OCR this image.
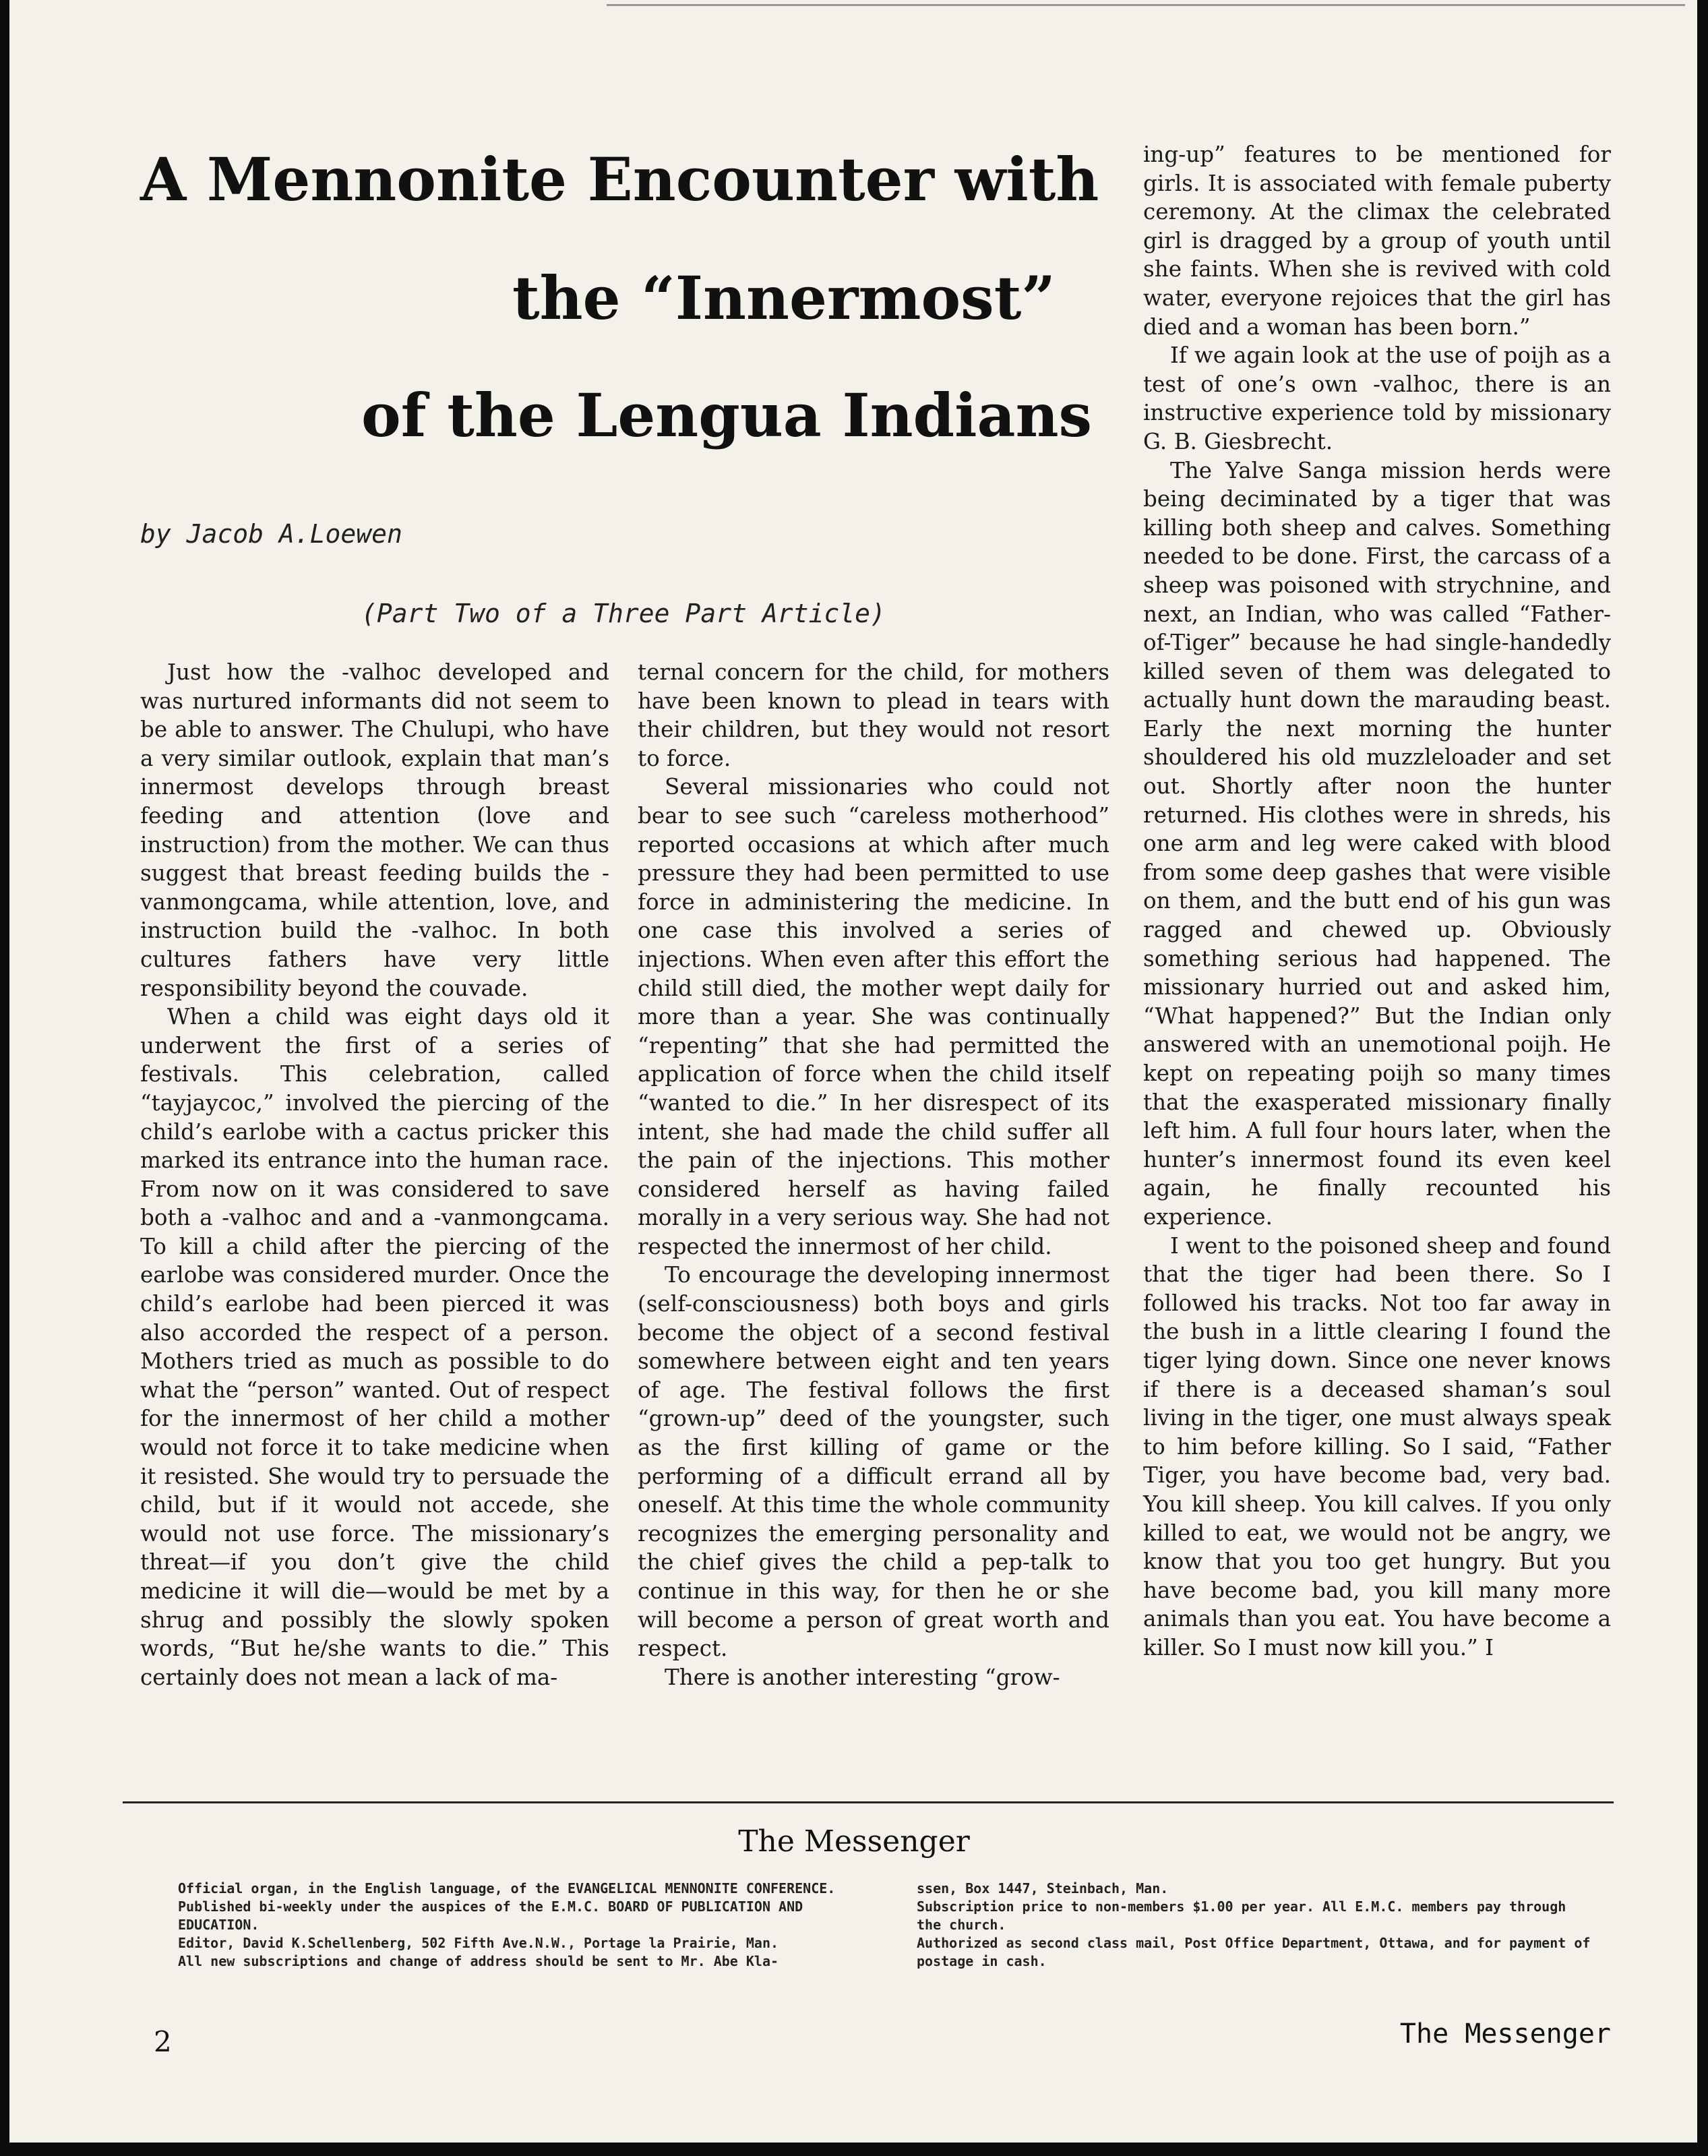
A Mennonite Encounter with
the “Innermost”
of the Lengua Indians
by Jacob A.Loewen
(Part Two of a Three Part Article)

Just how the -valhoc developed and was nurtured informants did not seem to be able to answer. The Chulupi, who have a very similar outlook, explain that man’s innermost develops through breast feeding and attention (love and instruction) from the mother. We can thus suggest that breast feeding builds the -vanmongcama, while attention, love, and instruction build the -valhoc. In both cultures fathers have very little responsibility beyond the couvade.

When a child was eight days old it underwent the first of a series of festivals. This celebration, called “tayjaycoc,” involved the piercing of the child’s earlobe with a cactus pricker this marked its entrance into the human race. From now on it was considered to save both a -valhoc and and a -vanmongcama. To kill a child after the piercing of the earlobe was considered murder. Once the child’s earlobe had been pierced it was also accorded the respect of a person. Mothers tried as much as possible to do what the “person” wanted. Out of respect for the innermost of her child a mother would not force it to take medicine when it resisted. She would try to persuade the child, but if it would not accede, she would not use force. The missionary’s threat—if you don’t give the child medicine it will die—would be met by a shrug and possibly the slowly spoken words, “But he/she wants to die.” This certainly does not mean a lack of ma-

ternal concern for the child, for mothers have been known to plead in tears with their children, but they would not resort to force.

Several missionaries who could not bear to see such “careless motherhood” reported occasions at which after much pressure they had been permitted to use force in administering the medicine. In one case this involved a series of injections. When even after this effort the child still died, the mother wept daily for more than a year. She was continually “repenting” that she had permitted the application of force when the child itself “wanted to die.” In her disrespect of its intent, she had made the child suffer all the pain of the injections. This mother considered herself as having failed morally in a very serious way. She had not respected the innermost of her child.

To encourage the developing innermost (self-consciousness) both boys and girls become the object of a second festival somewhere between eight and ten years of age. The festival follows the first “grown-up” deed of the youngster, such as the first killing of game or the performing of a difficult errand all by oneself. At this time the whole community recognizes the emerging personality and the chief gives the child a pep-talk to continue in this way, for then he or she will become a person of great worth and respect.

There is another interesting “grow-

ing-up” features to be mentioned for girls. It is associated with female puberty ceremony. At the climax the celebrated girl is dragged by a group of youth until she faints. When she is revived with cold water, everyone rejoices that the girl has died and a woman has been born.”

If we again look at the use of poijh as a test of one’s own -valhoc, there is an instructive experience told by missionary G. B. Giesbrecht.

The Yalve Sanga mission herds were being deciminated by a tiger that was killing both sheep and calves. Something needed to be done. First, the carcass of a sheep was poisoned with strychnine, and next, an Indian, who was called “Father-of-Tiger” because he had single-handedly killed seven of them was delegated to actually hunt down the marauding beast. Early the next morning the hunter shouldered his old muzzleloader and set out. Shortly after noon the hunter returned. His clothes were in shreds, his one arm and leg were caked with blood from some deep gashes that were visible on them, and the butt end of his gun was ragged and chewed up. Obviously something serious had happened. The missionary hurried out and asked him, “What happened?” But the Indian only answered with an unemotional poijh. He kept on repeating poijh so many times that the exasperated missionary finally left him. A full four hours later, when the hunter’s innermost found its even keel again, he finally recounted his experience.

I went to the poisoned sheep and found that the tiger had been there. So I followed his tracks. Not too far away in the bush in a little clearing I found the tiger lying down. Since one never knows if there is a deceased shaman’s soul living in the tiger, one must always speak to him before killing. So I said, “Father Tiger, you have become bad, very bad. You kill sheep. You kill calves. If you only killed to eat, we would not be angry, we know that you too get hungry. But you have become bad, you kill many more animals than you eat. You have become a killer. So I must now kill you.” I

The Messenger

Official organ, in the English language, of the EVANGELICAL MENNONITE CONFERENCE. Published bi-weekly under the auspices of the E.M.C. BOARD OF PUBLICATION AND EDUCATION.

Editor, David K.Schellenberg, 502 Fifth Ave.N.W., Portage la Prairie, Man.

All new subscriptions and change of address should be sent to Mr. Abe Kla-

ssen, Box 1447, Steinbach, Man.

Subscription price to non-members $1.00 per year. All E.M.C. members pay through the church.

Authorized as second class mail, Post Office Department, Ottawa, and for payment of postage in cash.

2	The Messenger
